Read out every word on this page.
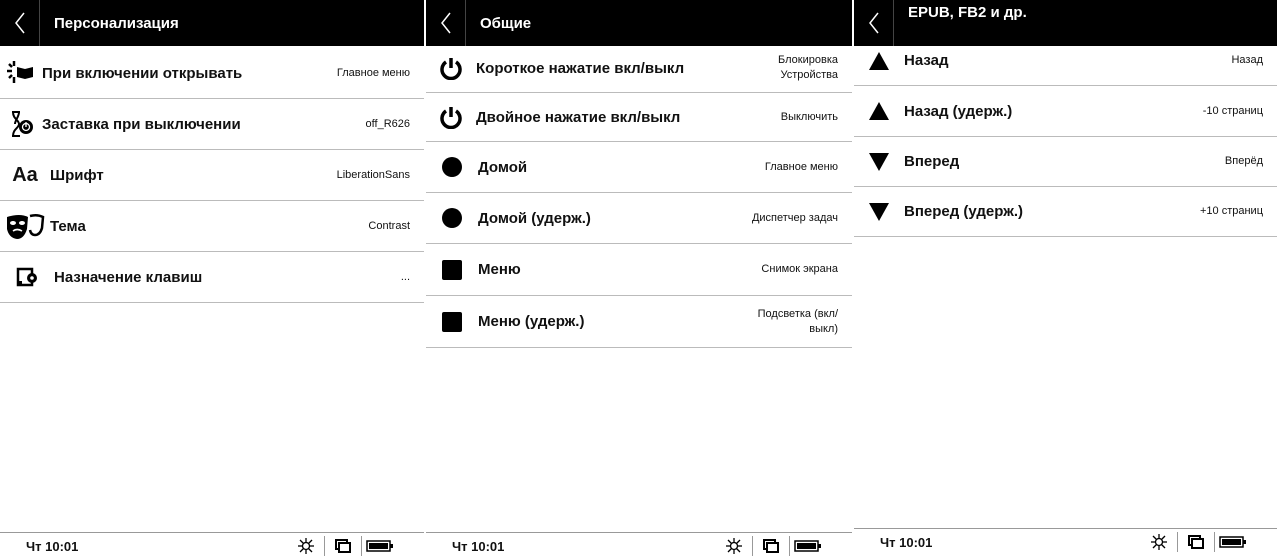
Персонализация
При включении открывать	Главное меню
Заставка при выключении	off_R626
Aa Шрифт	LiberationSans
Тема	Contrast
Назначение клавиш	...
Чт 10:01
Общие
Короткое нажатие вкл/выкл	Блокировка
Устройства
Двойное нажатие вкл/выкл	Выключить
Домой	Главное меню
Домой (удерж.)	Диспетчер задач
Меню	Снимок экрана
Меню (удерж.)	Подсветка (вкл/
выкл)
Чт 10:01
EPUB, FB2 и др.
Назад	Назад
Назад (удерж.)	-10 страниц
Вперед	Вперёд
Вперед (удерж.)	+10 страниц
Чт 10:01
